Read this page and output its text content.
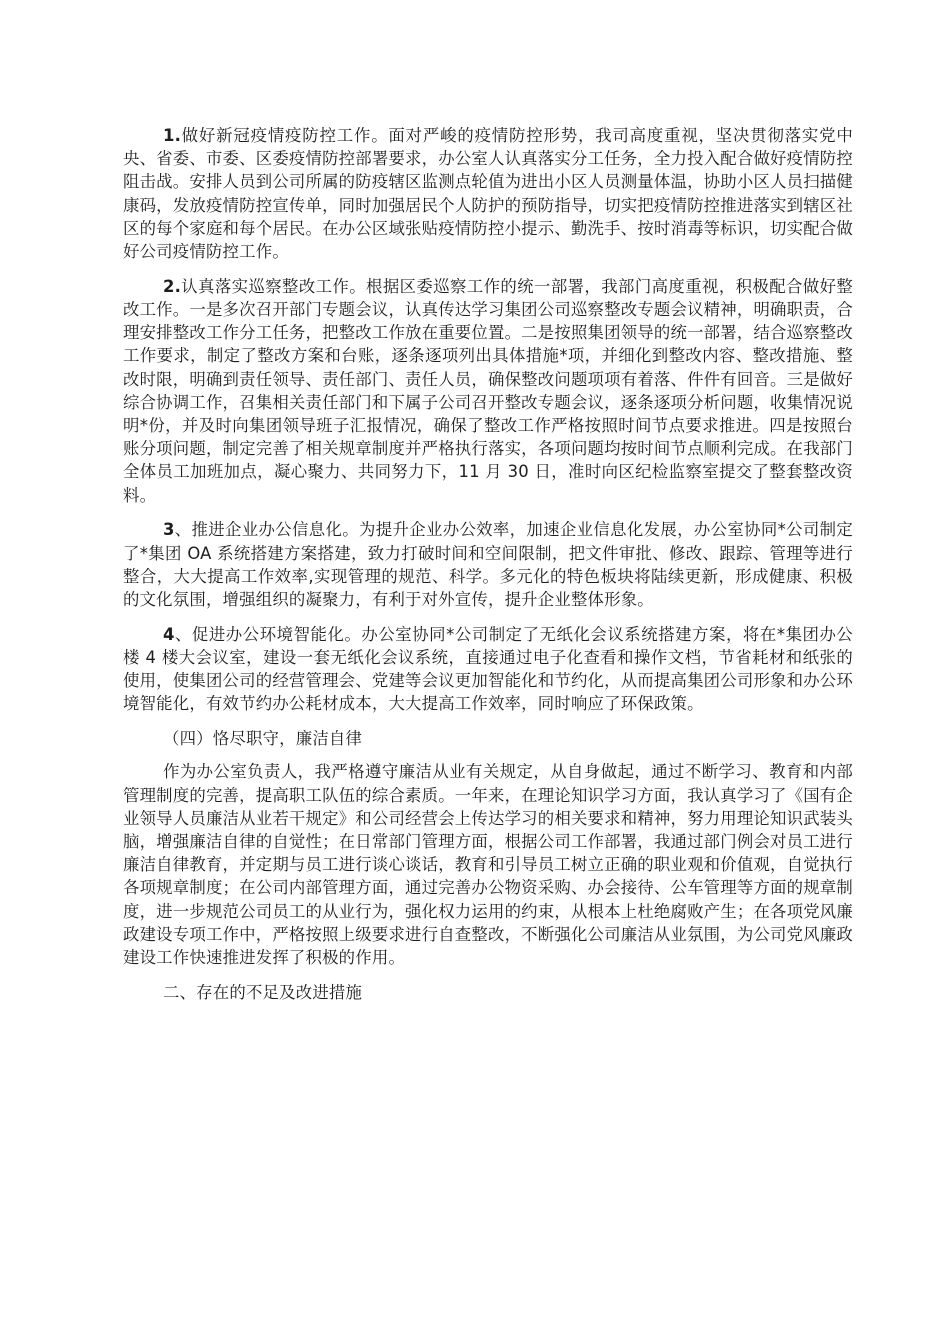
1.做好新冠疫情疫防控工作。面对严峻的疫情防控形势，我司高度重视，坚决贯彻落实党中央、省委、市委、区委疫情防控部署要求，办公室人认真落实分工任务，全力投入配合做好疫情防控阻击战。安排人员到公司所属的防疫辖区监测点轮值为进出小区人员测量体温，协助小区人员扫描健康码，发放疫情防控宣传单，同时加强居民个人防护的预防指导，切实把疫情防控推进落实到辖区社区的每个家庭和每个居民。在办公区域张贴疫情防控小提示、勤洗手、按时消毒等标识，切实配合做好公司疫情防控工作。

2.认真落实巡察整改工作。根据区委巡察工作的统一部署，我部门高度重视，积极配合做好整改工作。一是多次召开部门专题会议，认真传达学习集团公司巡察整改专题会议精神，明确职责，合理安排整改工作分工任务，把整改工作放在重要位置。二是按照集团领导的统一部署，结合巡察整改工作要求，制定了整改方案和台账，逐条逐项列出具体措施*项，并细化到整改内容、整改措施、整改时限，明确到责任领导、责任部门、责任人员，确保整改问题项项有着落、件件有回音。三是做好综合协调工作，召集相关责任部门和下属子公司召开整改专题会议，逐条逐项分析问题，收集情况说明*份，并及时向集团领导班子汇报情况，确保了整改工作严格按照时间节点要求推进。四是按照台账分项问题，制定完善了相关规章制度并严格执行落实，各项问题均按时间节点顺利完成。在我部门全体员工加班加点，凝心聚力、共同努力下，11 月 30 日，准时向区纪检监察室提交了整套整改资料。

3、推进企业办公信息化。为提升企业办公效率，加速企业信息化发展，办公室协同*公司制定了*集团 OA 系统搭建方案搭建，致力打破时间和空间限制，把文件审批、修改、跟踪、管理等进行整合，大大提高工作效率,实现管理的规范、科学。多元化的特色板块将陆续更新，形成健康、积极的文化氛围，增强组织的凝聚力，有利于对外宣传，提升企业整体形象。

4、促进办公环境智能化。办公室协同*公司制定了无纸化会议系统搭建方案，将在*集团办公楼 4 楼大会议室，建设一套无纸化会议系统，直接通过电子化查看和操作文档，节省耗材和纸张的使用，使集团公司的经营管理会、党建等会议更加智能化和节约化，从而提高集团公司形象和办公环境智能化，有效节约办公耗材成本，大大提高工作效率，同时响应了环保政策。

（四）恪尽职守，廉洁自律

作为办公室负责人，我严格遵守廉洁从业有关规定，从自身做起，通过不断学习、教育和内部管理制度的完善，提高职工队伍的综合素质。一年来，在理论知识学习方面，我认真学习了《国有企业领导人员廉洁从业若干规定》和公司经营会上传达学习的相关要求和精神，努力用理论知识武装头脑，增强廉洁自律的自觉性；在日常部门管理方面，根据公司工作部署，我通过部门例会对员工进行廉洁自律教育，并定期与员工进行谈心谈话，教育和引导员工树立正确的职业观和价值观，自觉执行各项规章制度；在公司内部管理方面，通过完善办公物资采购、办会接待、公车管理等方面的规章制度，进一步规范公司员工的从业行为，强化权力运用的约束，从根本上杜绝腐败产生；在各项党风廉政建设专项工作中，严格按照上级要求进行自查整改，不断强化公司廉洁从业氛围，为公司党风廉政建设工作快速推进发挥了积极的作用。

二、存在的不足及改进措施
